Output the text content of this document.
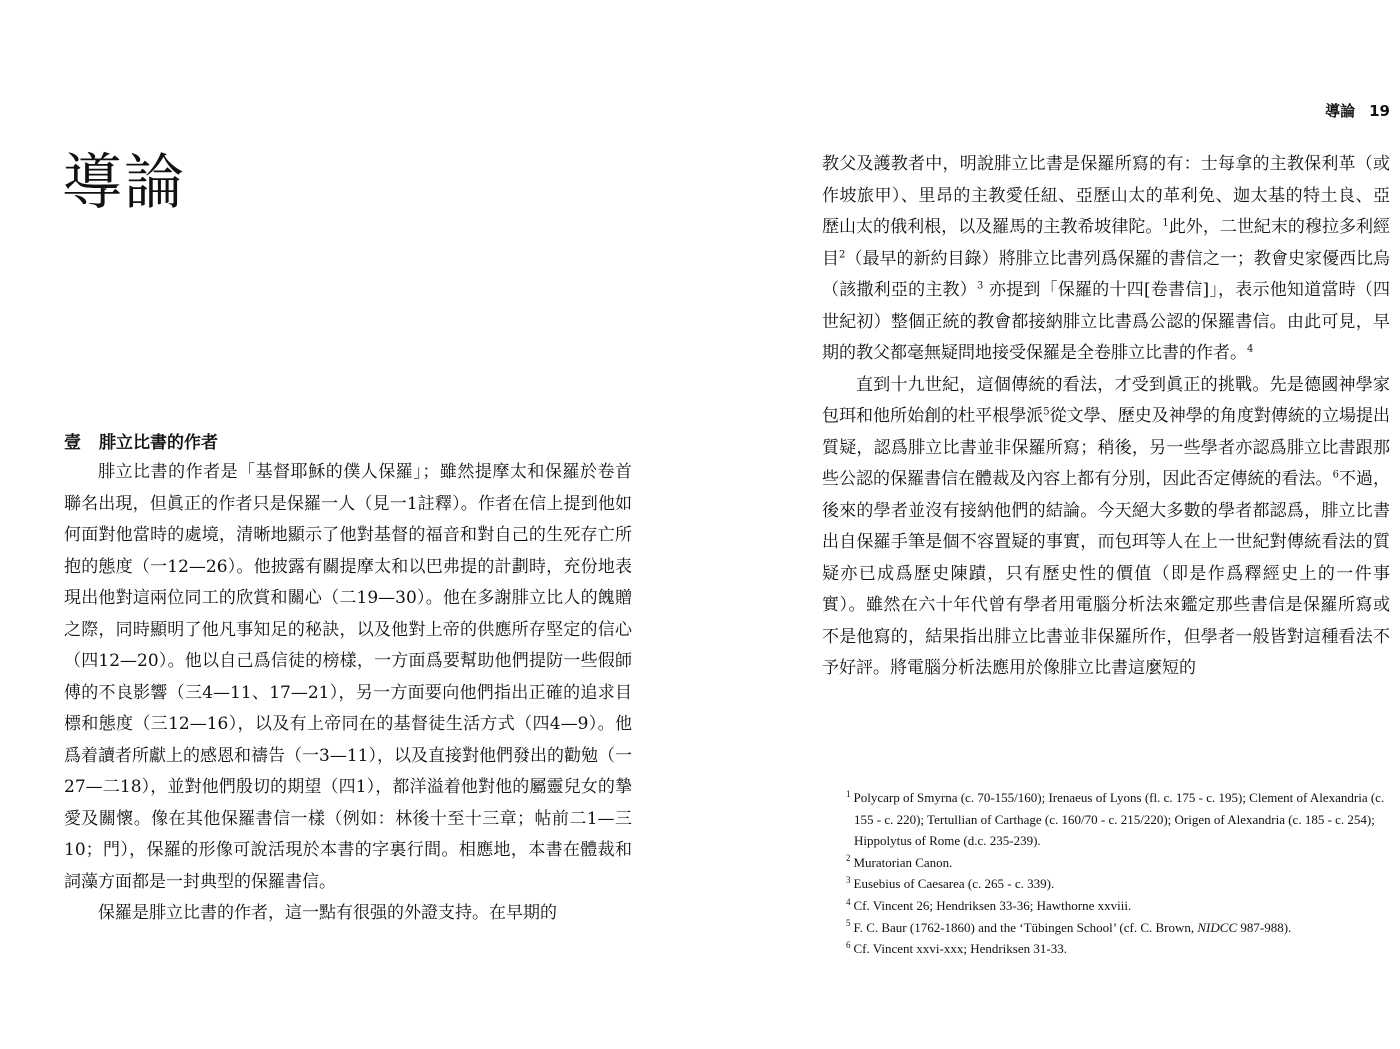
導論
壹 腓立比書的作者

腓立比書的作者是「基督耶穌的僕人保羅」；雖然提摩太和保羅於卷首聯名出現，但眞正的作者只是保羅一人（見一1註釋）。作者在信上提到他如何面對他當時的處境，清晰地顯示了他對基督的福音和對自己的生死存亡所抱的態度（一12—26）。他披露有關提摩太和以巴弗提的計劃時，充份地表現出他對這兩位同工的欣賞和關心（二19—30）。他在多謝腓立比人的餽贈之際，同時顯明了他凡事知足的秘訣，以及他對上帝的供應所存堅定的信心（四12—20）。他以自己爲信徒的榜樣，一方面爲要幫助他們提防一些假師傅的不良影響（三4—11、17—21），另一方面要向他們指出正確的追求目標和態度（三12—16），以及有上帝同在的基督徒生活方式（四4—9）。他爲着讀者所獻上的感恩和禱告（一3—11），以及直接對他們發出的勸勉（一27—二18），並對他們殷切的期望（四1），都洋溢着他對他的屬靈兒女的摯愛及關懷。像在其他保羅書信一樣（例如：林後十至十三章；帖前二1—三10；門），保羅的形像可說活現於本書的字裏行間。相應地，本書在體裁和詞藻方面都是一封典型的保羅書信。

保羅是腓立比書的作者，這一點有很强的外證支持。在早期的

導論 19

教父及護教者中，明說腓立比書是保羅所寫的有：士每拿的主教保利革（或作坡旅甲）、里昂的主教愛任紐、亞歷山太的革利免、迦太基的特土良、亞歷山太的俄利根，以及羅馬的主教希坡律陀。$^1$此外，二世紀末的穆拉多利經目$^2$（最早的新約目錄）將腓立比書列爲保羅的書信之一；教會史家優西比烏（該撒利亞的主教）$^3$ 亦提到「保羅的十四[卷書信]」，表示他知道當時（四世紀初）整個正統的教會都接納腓立比書爲公認的保羅書信。由此可見，早期的教父都毫無疑問地接受保羅是全卷腓立比書的作者。$^4$

直到十九世紀，這個傳統的看法，才受到眞正的挑戰。先是德國神學家包珥和他所始創的杜平根學派$^5$從文學、歷史及神學的角度對傳統的立場提出質疑，認爲腓立比書並非保羅所寫；稍後，另一些學者亦認爲腓立比書跟那些公認的保羅書信在體裁及內容上都有分別，因此否定傳統的看法。$^6$不過，後來的學者並沒有接納他們的結論。今天絕大多數的學者都認爲，腓立比書出自保羅手筆是個不容置疑的事實，而包珥等人在上一世紀對傳統看法的質疑亦已成爲歷史陳蹟，只有歷史性的價值（即是作爲釋經史上的一件事實）。雖然在六十年代曾有學者用電腦分析法來鑑定那些書信是保羅所寫或不是他寫的，結果指出腓立比書並非保羅所作，但學者一般皆對這種看法不予好評。將電腦分析法應用於像腓立比書這麼短的

$^1$ Polycarp of Smyrna (c. 70-155/160); Irenaeus of Lyons (fl. c. 175 - c. 195); Clement of Alexandria (c. 155 - c. 220); Tertullian of Carthage (c. 160/70 - c. 215/220); Origen of Alexandria (c. 185 - c. 254); Hippolytus of Rome (d.c. 235-239).

$^2$ Muratorian Canon.

$^3$ Eusebius of Caesarea (c. 265 - c. 339).

$^4$ Cf. Vincent 26; Hendriksen 33-36; Hawthorne xxviii.

$^5$ F. C. Baur (1762-1860) and the ‘Tübingen School’ (cf. C. Brown, NIDCC 987-988).

$^6$ Cf. Vincent xxvi-xxx; Hendriksen 31-33.
